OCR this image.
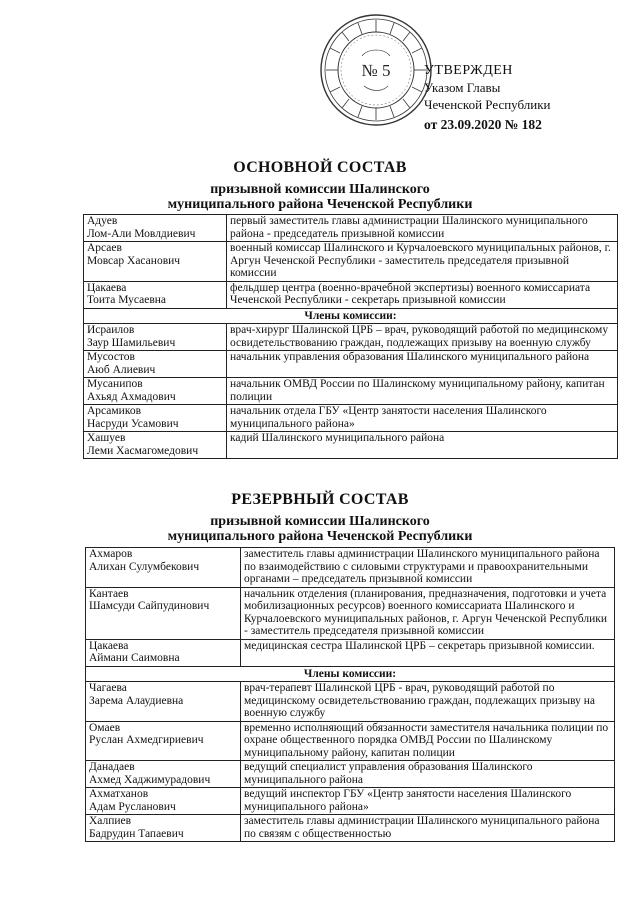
№ 5 УТВЕРЖДЕН
Указом Главы
Чеченской Республики
от 23.09.2020 № 182
ОСНОВНОЙ СОСТАВ
призывной комиссии Шалинского
муниципального района Чеченской Республики
Адуев
Лом-Али Мовлдиевич	первый заместитель главы администрации Шалинского муниципального района - председатель призывной комиссии
Арсаев
Мовсар Хасанович	военный комиссар Шалинского и Курчалоевского муниципальных районов, г. Аргун Чеченской Республики - заместитель председателя призывной комиссии
Цакаева
Тоита Мусаевна	фельдшер центра (военно-врачебной экспертизы) военного комиссариата Чеченской Республики - секретарь призывной комиссии
Члены комиссии:	
Исраилов
Заур Шамильевич	врач-хирург Шалинской ЦРБ – врач, руководящий работой по медицинскому освидетельствованию граждан, подлежащих призыву на военную службу
Мусостов
Аюб Алиевич	начальник управления образования Шалинского муниципального района
Мусанипов
Ахьяд Ахмадович	начальник ОМВД России по Шалинскому муниципальному району, капитан полиции
Арсамиков
Насруди Усамович	начальник отдела ГБУ «Центр занятости населения Шалинского муниципального района»
Хашуев
Леми Хасмагомедович	кадий Шалинского муниципального района
РЕЗЕРВНЫЙ СОСТАВ
призывной комиссии Шалинского
муниципального района Чеченской Республики
Ахмаров
Алихан Сулумбекович	заместитель главы администрации Шалинского муниципального района по взаимодействию с силовыми структурами и правоохранительными органами – председатель призывной комиссии
Кантаев
Шамсуди Сайпудинович	начальник отделения (планирования, предназначения, подготовки и учета мобилизационных ресурсов) военного комиссариата Шалинского и Курчалоевского муниципальных районов, г. Аргун Чеченской Республики - заместитель председателя призывной комиссии
Цакаева
Аймани Саимовна	медицинская сестра Шалинской ЦРБ – секретарь призывной комиссии.
Члены комиссии:	
Чагаева
Зарема Алаудиевна	врач-терапевт Шалинской ЦРБ - врач, руководящий работой по медицинскому освидетельствованию граждан, подлежащих призыву на военную службу
Омаев
Руслан Ахмедгириевич	временно исполняющий обязанности заместителя начальника полиции по охране общественного порядка ОМВД России по Шалинскому муниципальному району, капитан полиции
Данадаев
Ахмед Хаджимурадович	ведущий специалист управления образования Шалинского муниципального района
Ахматханов
Адам Русланович	ведущий инспектор ГБУ «Центр занятости населения Шалинского муниципального района»
Халпиев
Бадрудин Тапаевич	заместитель главы администрации Шалинского муниципального района по связям с общественностью
